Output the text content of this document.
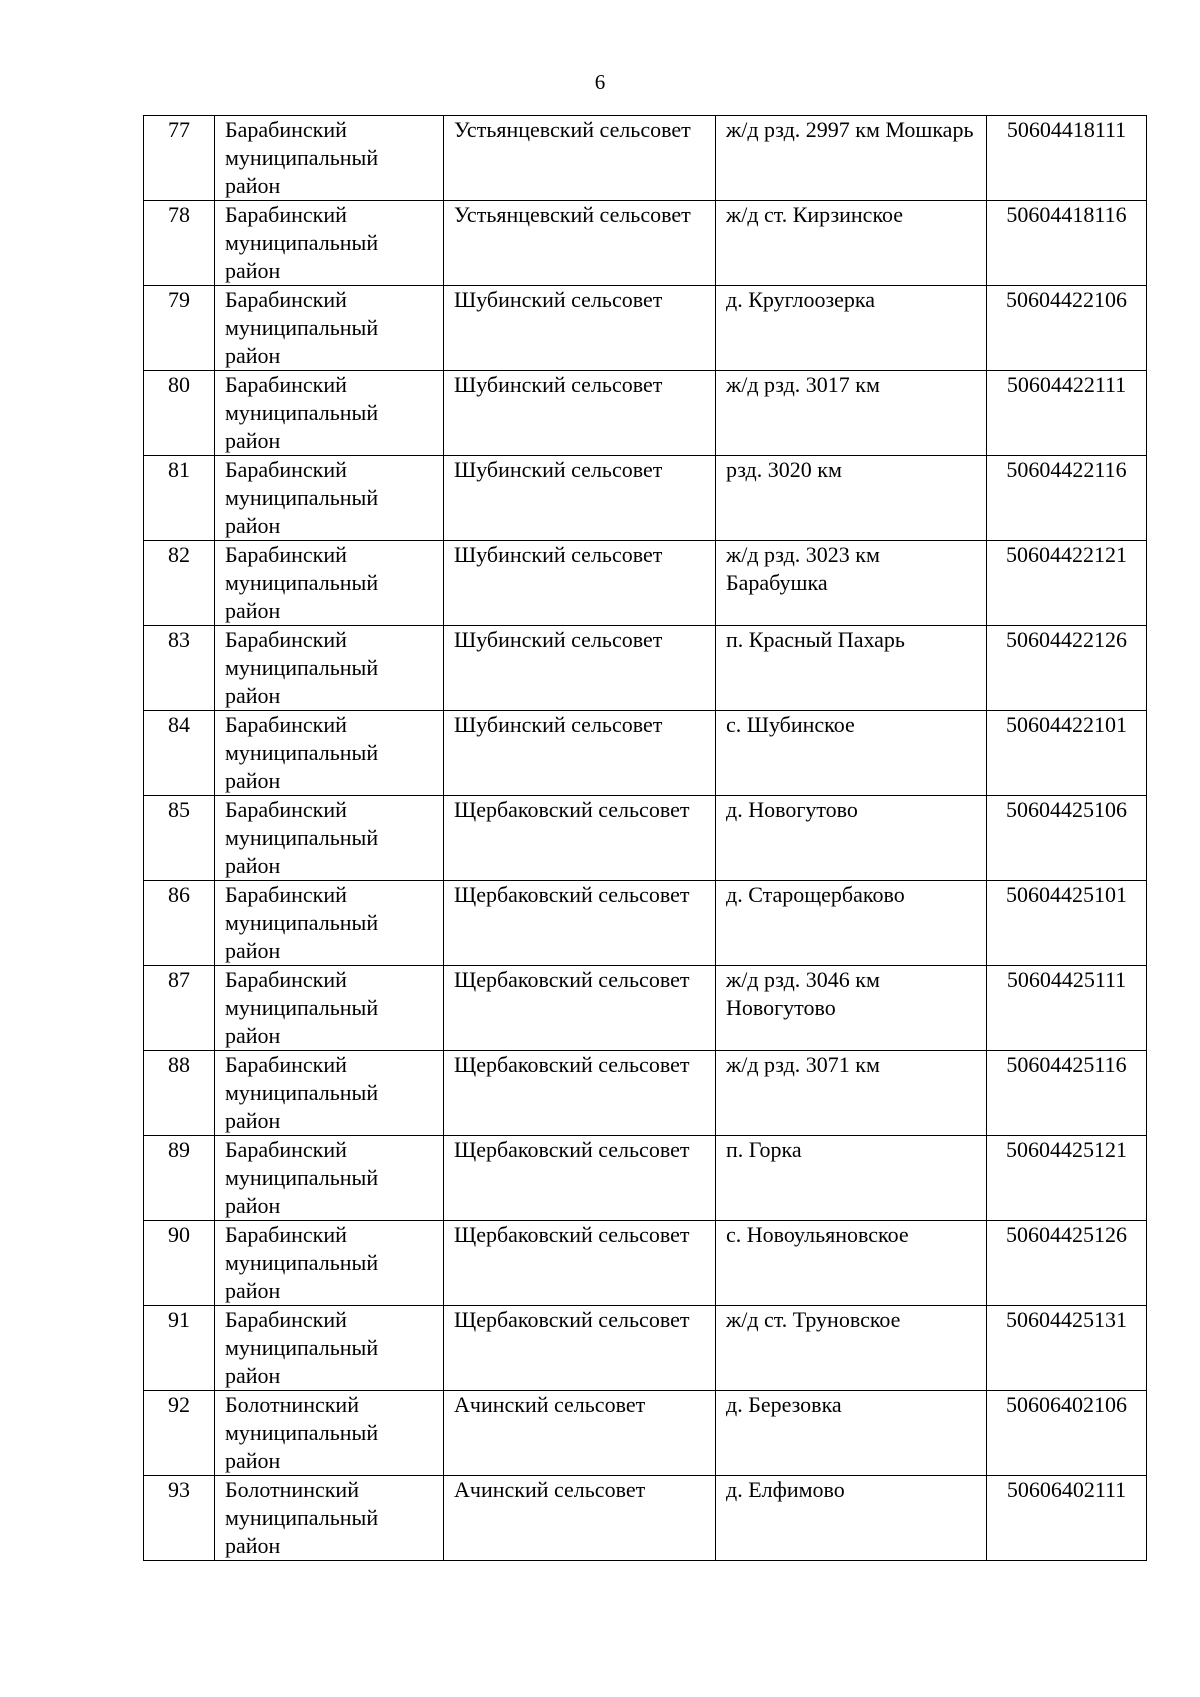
6
77	Барабинский муниципальный район	Устьянцевский сельсовет	ж/д рзд. 2997 км Мошкарь	50604418111
78	Барабинский муниципальный район	Устьянцевский сельсовет	ж/д ст. Кирзинское	50604418116
79	Барабинский муниципальный район	Шубинский сельсовет	д. Круглоозерка	50604422106
80	Барабинский муниципальный район	Шубинский сельсовет	ж/д рзд. 3017 км	50604422111
81	Барабинский муниципальный район	Шубинский сельсовет	рзд. 3020 км	50604422116
82	Барабинский муниципальный район	Шубинский сельсовет	ж/д рзд. 3023 км Барабушка	50604422121
83	Барабинский муниципальный район	Шубинский сельсовет	п. Красный Пахарь	50604422126
84	Барабинский муниципальный район	Шубинский сельсовет	с. Шубинское	50604422101
85	Барабинский муниципальный район	Щербаковский сельсовет	д. Новогутово	50604425106
86	Барабинский муниципальный район	Щербаковский сельсовет	д. Старощербаково	50604425101
87	Барабинский муниципальный район	Щербаковский сельсовет	ж/д рзд. 3046 км Новогутово	50604425111
88	Барабинский муниципальный район	Щербаковский сельсовет	ж/д рзд. 3071 км	50604425116
89	Барабинский муниципальный район	Щербаковский сельсовет	п. Горка	50604425121
90	Барабинский муниципальный район	Щербаковский сельсовет	с. Новоульяновское	50604425126
91	Барабинский муниципальный район	Щербаковский сельсовет	ж/д ст. Труновское	50604425131
92	Болотнинский муниципальный район	Ачинский сельсовет	д. Березовка	50606402106
93	Болотнинский муниципальный район	Ачинский сельсовет	д. Елфимово	50606402111
